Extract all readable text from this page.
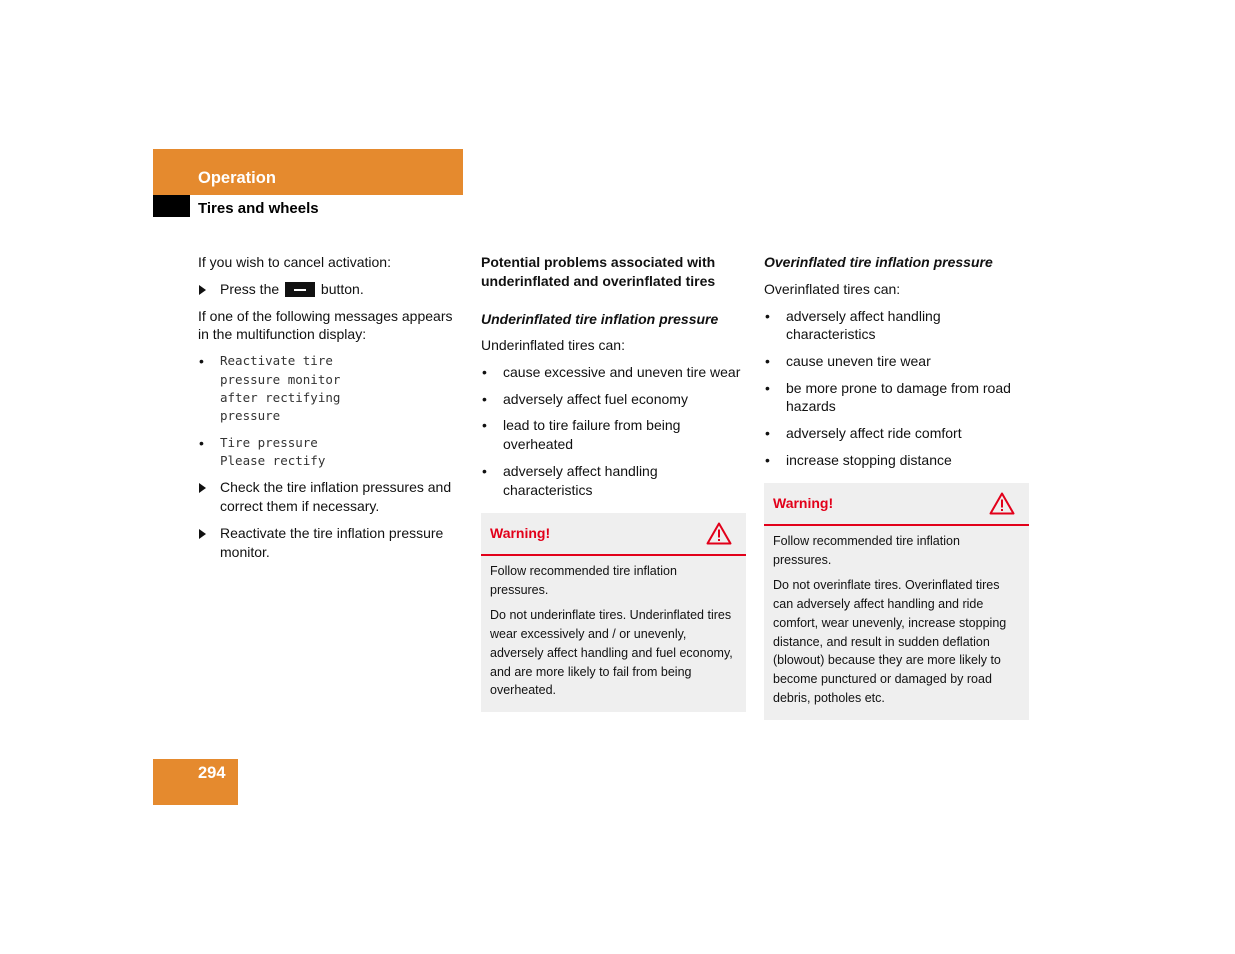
Operation
Tires and wheels

If you wish to cancel activation:

Press the	button.

If one of the following messages appears in the multifunction display:

• Reactivate tire
pressure monitor
after rectifying
pressure
• Tire pressure
Please rectify
Check the tire inflation pressures and correct them if necessary.
Reactivate the tire inflation pressure monitor.

Potential problems associated with underinflated and overinflated tires

Underinflated tire inflation pressure

Underinflated tires can:

• cause excessive and uneven tire wear
• adversely affect fuel economy
• lead to tire failure from being overheated
• adversely affect handling characteristics
Warning!

Follow recommended tire inflation pressures.

Do not underinflate tires. Underinflated tires wear excessively and / or unevenly, adversely affect handling and fuel economy, and are more likely to fail from being overheated.

Overinflated tire inflation pressure

Overinflated tires can:

• adversely affect handling characteristics
• cause uneven tire wear
• be more prone to damage from road hazards
• adversely affect ride comfort
• increase stopping distance
Warning!

Follow recommended tire inflation pressures.

Do not overinflate tires. Overinflated tires can adversely affect handling and ride comfort, wear unevenly, increase stopping distance, and result in sudden deflation (blowout) because they are more likely to become punctured or damaged by road debris, potholes etc.

294
